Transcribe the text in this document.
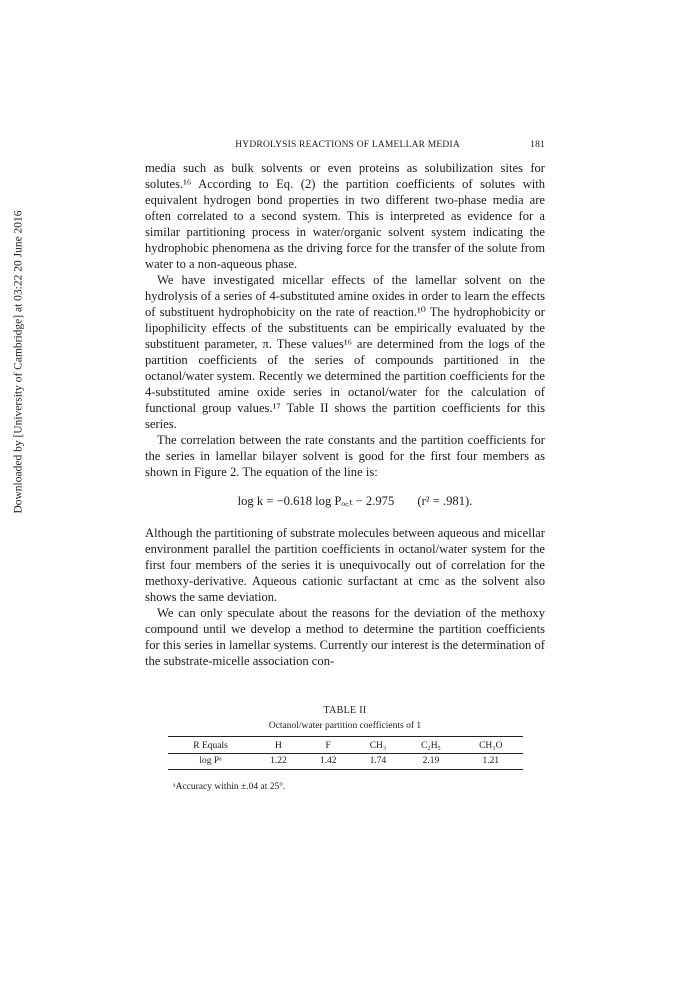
Downloaded by [University of Cambridge] at 03:22 20 June 2016
HYDROLYSIS REACTIONS OF LAMELLAR MEDIA	181

media such as bulk solvents or even proteins as solubilization sites for solutes.¹⁶ According to Eq. (2) the partition coefficients of solutes with equivalent hydrogen bond properties in two different two-phase media are often correlated to a second system. This is interpreted as evidence for a similar partitioning process in water/organic solvent system indicating the hydrophobic phenomena as the driving force for the transfer of the solute from water to a non-aqueous phase.

We have investigated micellar effects of the lamellar solvent on the hydrolysis of a series of 4-substituted amine oxides in order to learn the effects of substituent hydrophobicity on the rate of reaction.¹⁰ The hydrophobicity or lipophilicity effects of the substituents can be empirically evaluated by the substituent parameter, π. These values¹⁶ are determined from the logs of the partition coefficients of the series of compounds partitioned in the octanol/water system. Recently we determined the partition coefficients for the 4-substituted amine oxide series in octanol/water for the calculation of functional group values.¹⁷ Table II shows the partition coefficients for this series.

The correlation between the rate constants and the partition coefficients for the series in lamellar bilayer solvent is good for the first four members as shown in Figure 2. The equation of the line is:

log k = −0.618 log Pₒ꜀ₜ − 2.975 (r² = .981).

Although the partitioning of substrate molecules between aqueous and micellar environment parallel the partition coefficients in octanol/water system for the first four members of the series it is unequivocally out of correlation for the methoxy-derivative. Aqueous cationic surfactant at cmc as the solvent also shows the same deviation.

We can only speculate about the reasons for the deviation of the methoxy compound until we develop a method to determine the partition coefficients for this series in lamellar systems. Currently our interest is the determination of the substrate-micelle association con-

TABLE II
Octanol/water partition coefficients of 1
R Equals	H	F	CH₃	C₂H₅	CH₃O
log Pᵃ	1.22	1.42	1.74	2.19	1.21
ᵃAccuracy within ±.04 at 25°.
